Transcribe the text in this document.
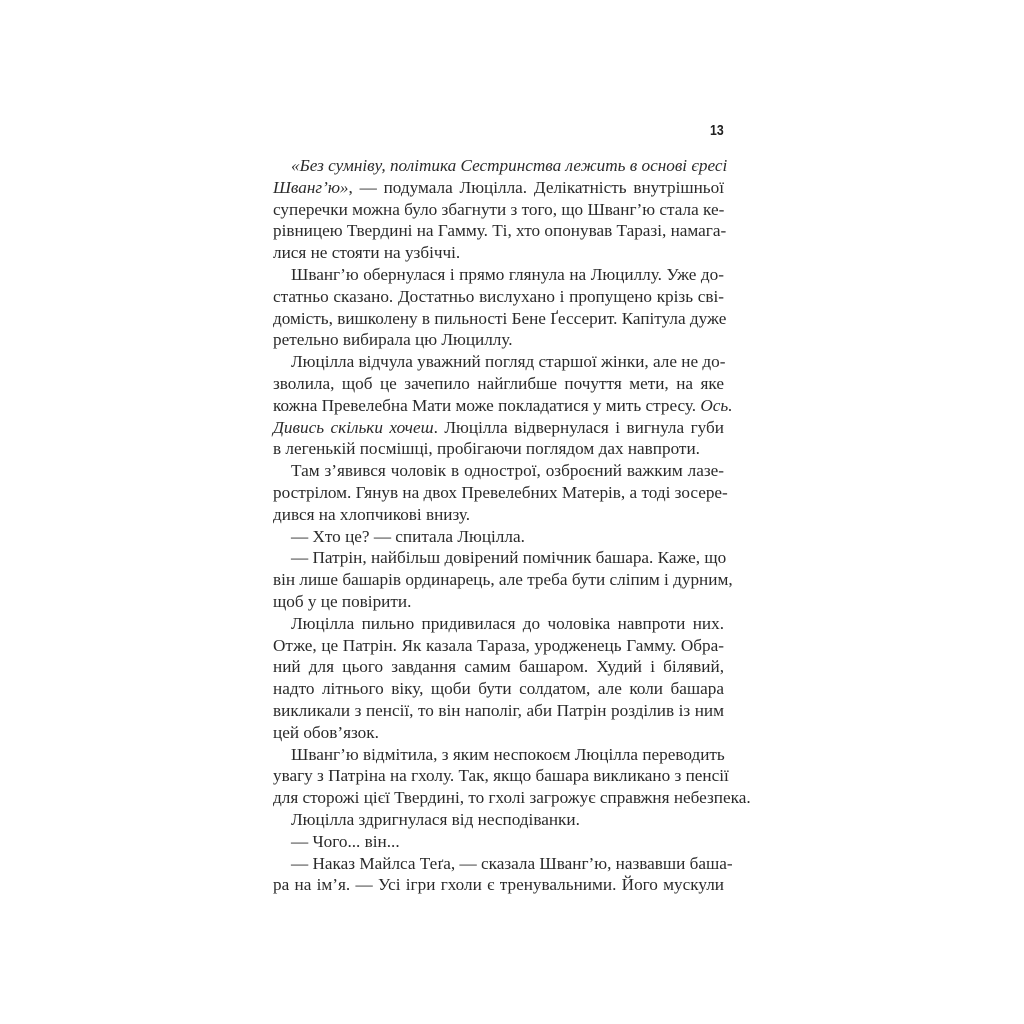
13
«Без сумніву, політика Сестринства лежить в основі єресі
Шванг’ю», — подумала Люцілла. Делікатність внутрішньої
суперечки можна було збагнути з того, що Шванг’ю стала ке-
рівницею Твердині на Гамму. Ті, хто опонував Таразі, намага-
лися не стояти на узбіччі.
Шванг’ю обернулася і прямо глянула на Люциллу. Уже до-
статньо сказано. Достатньо вислухано і пропущено крізь сві-
домість, вишколену в пильності Бене Ґессерит. Капітула дуже
ретельно вибирала цю Люциллу.
Люцілла відчула уважний погляд старшої жінки, але не до-
зволила, щоб це зачепило найглибше почуття мети, на яке
кожна Превелебна Мати може покладатися у мить стресу. Ось.
Дивись скільки хочеш. Люцілла відвернулася і вигнула губи
в легенькій посмішці, пробігаючи поглядом дах навпроти.
Там з’явився чоловік в однострої, озброєний важким лазе-
рострілом. Гянув на двох Превелебних Матерів, а тоді зосере-
дився на хлопчикові внизу.
— Хто це? — спитала Люцілла.
— Патрін, найбільш довірений помічник башара. Каже, що
він лише башарів ординарець, але треба бути сліпим і дурним,
щоб у це повірити.
Люцілла пильно придивилася до чоловіка навпроти них.
Отже, це Патрін. Як казала Тараза, уродженець Гамму. Обра-
ний для цього завдання самим башаром. Худий і білявий,
надто літнього віку, щоби бути солдатом, але коли башара
викликали з пенсії, то він наполіг, аби Патрін розділив із ним
цей обов’язок.
Шванг’ю відмітила, з яким неспокоєм Люцілла переводить
увагу з Патріна на гхолу. Так, якщо башара викликано з пенсії
для сторожі цієї Твердині, то гхолі загрожує справжня небезпека.
Люцілла здригнулася від несподіванки.
— Чого... він...
— Наказ Майлса Теґа, — сказала Шванг’ю, назвавши баша-
ра на ім’я. — Усі ігри гхоли є тренувальними. Його мускули
